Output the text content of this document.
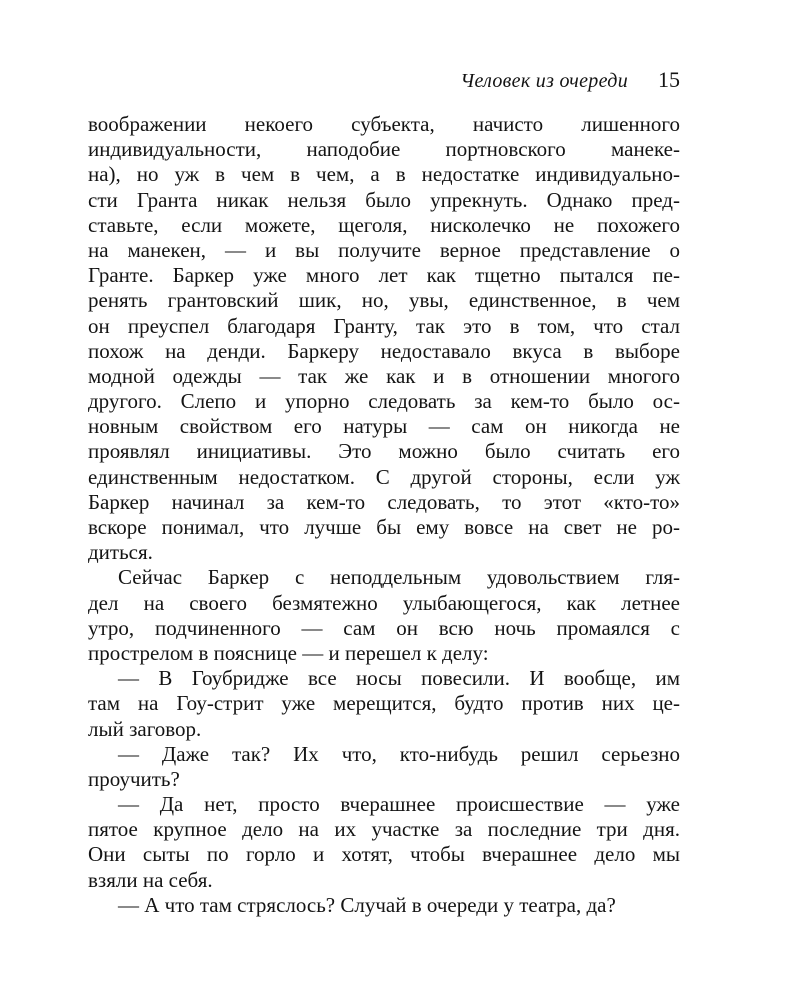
Человек из очереди 15
воображении некоего субъекта, начисто лишенного
индивидуальности, наподобие портновского манеке-
на), но уж в чем в чем, а в недостатке индивидуально-
сти Гранта никак нельзя было упрекнуть. Однако пред-
ставьте, если можете, щеголя, нисколечко не похожего
на манекен, — и вы получите верное представление о
Гранте. Баркер уже много лет как тщетно пытался пе-
ренять грантовский шик, но, увы, единственное, в чем
он преуспел благодаря Гранту, так это в том, что стал
похож на денди. Баркеру недоставало вкуса в выборе
модной одежды — так же как и в отношении многого
другого. Слепо и упорно следовать за кем-то было ос-
новным свойством его натуры — сам он никогда не
проявлял инициативы. Это можно было считать его
единственным недостатком. С другой стороны, если уж
Баркер начинал за кем-то следовать, то этот «кто-то»
вскоре понимал, что лучше бы ему вовсе на свет не ро-
диться.
Сейчас Баркер с неподдельным удовольствием гля-
дел на своего безмятежно улыбающегося, как летнее
утро, подчиненного — сам он всю ночь промаялся с
прострелом в пояснице — и перешел к делу:
— В Гоубридже все носы повесили. И вообще, им
там на Гоу-стрит уже мерещится, будто против них це-
лый заговор.
— Даже так? Их что, кто-нибудь решил серьезно
проучить?
— Да нет, просто вчерашнее происшествие — уже
пятое крупное дело на их участке за последние три дня.
Они сыты по горло и хотят, чтобы вчерашнее дело мы
взяли на себя.
— А что там стряслось? Случай в очереди у театра, да?
